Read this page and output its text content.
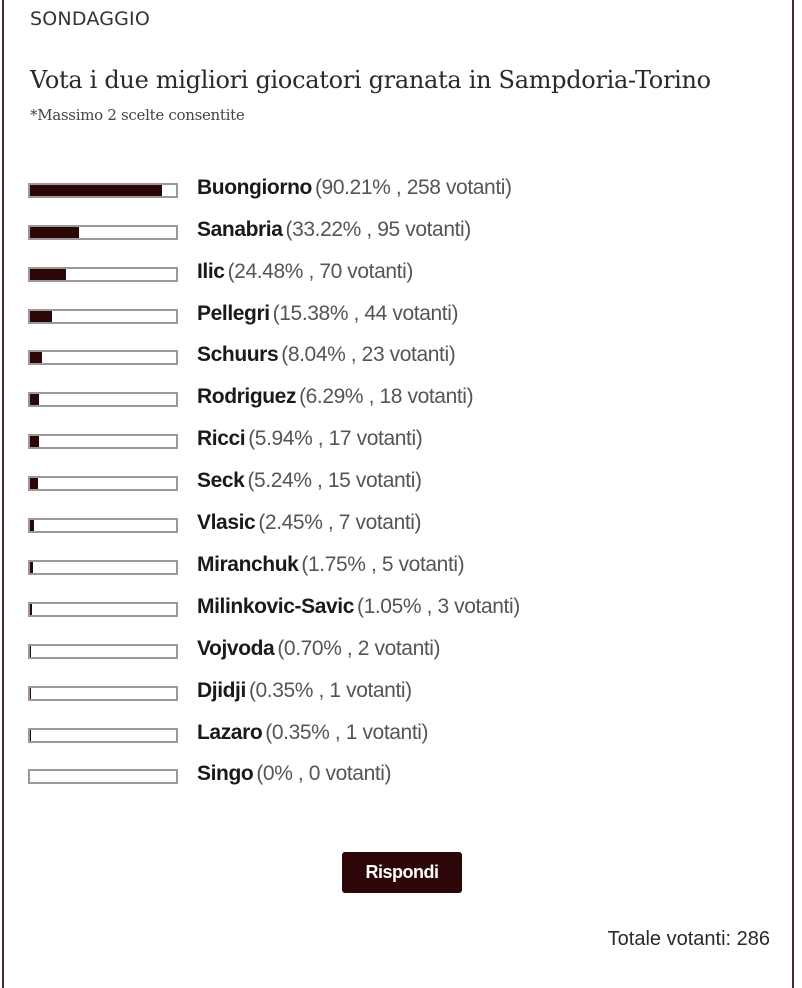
SONDAGGIO
Vota i due migliori giocatori granata in Sampdoria-Torino
*Massimo 2 scelte consentite
Buongiorno (90.21% , 258 votanti)
Sanabria (33.22% , 95 votanti)
Ilic (24.48% , 70 votanti)
Pellegri (15.38% , 44 votanti)
Schuurs (8.04% , 23 votanti)
Rodriguez (6.29% , 18 votanti)
Ricci (5.94% , 17 votanti)
Seck (5.24% , 15 votanti)
Vlasic (2.45% , 7 votanti)
Miranchuk (1.75% , 5 votanti)
Milinkovic-Savic (1.05% , 3 votanti)
Vojvoda (0.70% , 2 votanti)
Djidji (0.35% , 1 votanti)
Lazaro (0.35% , 1 votanti)
Singo (0% , 0 votanti)
Rispondi
Totale votanti: 286
